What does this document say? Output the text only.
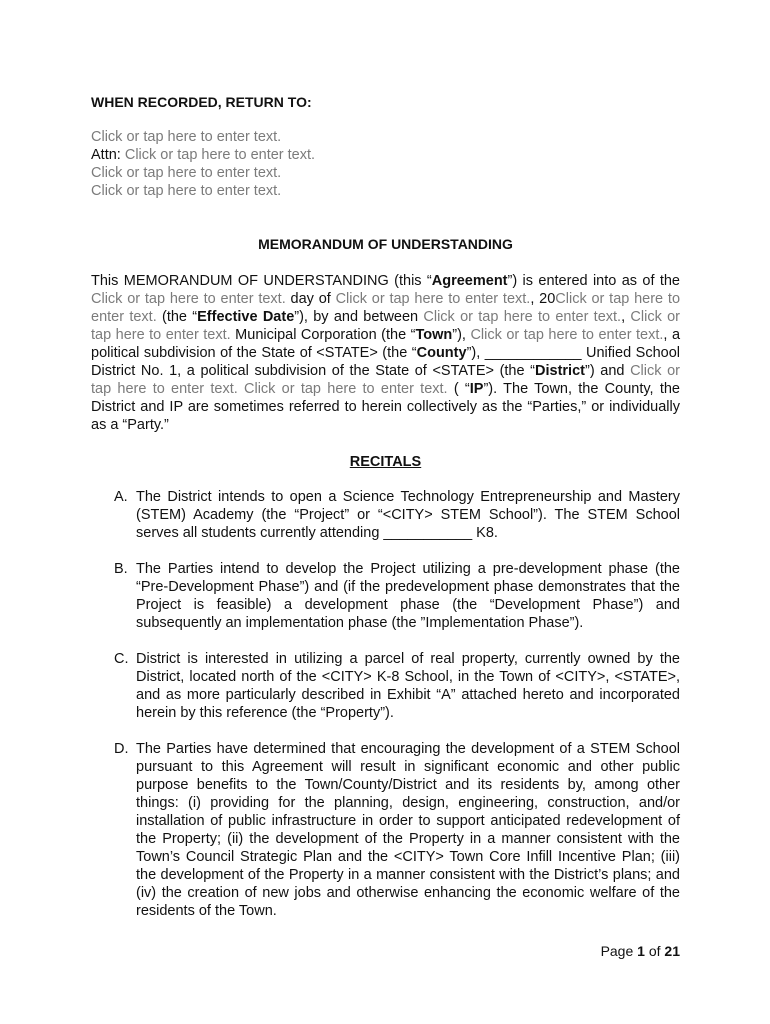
WHEN RECORDED, RETURN TO:

Click or tap here to enter text.
Attn: Click or tap here to enter text.
Click or tap here to enter text.
Click or tap here to enter text.
MEMORANDUM OF UNDERSTANDING
This MEMORANDUM OF UNDERSTANDING (this “Agreement”) is entered into as of the Click or tap here to enter text. day of Click or tap here to enter text., 20Click or tap here to enter text. (the “Effective Date”), by and between Click or tap here to enter text., Click or tap here to enter text. Municipal Corporation (the “Town”), Click or tap here to enter text., a political subdivision of the State of <STATE> (the “County”), ____________ Unified School District No. 1, a political subdivision of the State of <STATE> (the “District”) and Click or tap here to enter text. Click or tap here to enter text. ( “IP”). The Town, the County, the District and IP are sometimes referred to herein collectively as the “Parties,” or individually as a “Party.”
RECITALS
A. The District intends to open a Science Technology Entrepreneurship and Mastery (STEM) Academy (the “Project” or “<CITY> STEM School”). The STEM School serves all students currently attending ___________ K8.
B. The Parties intend to develop the Project utilizing a pre-development phase (the “Pre-Development Phase”) and (if the predevelopment phase demonstrates that the Project is feasible) a development phase (the “Development Phase”) and subsequently an implementation phase (the ”Implementation Phase”).
C. District is interested in utilizing a parcel of real property, currently owned by the District, located north of the <CITY> K-8 School, in the Town of <CITY>, <STATE>, and as more particularly described in Exhibit “A” attached hereto and incorporated herein by this reference (the “Property”).
D. The Parties have determined that encouraging the development of a STEM School pursuant to this Agreement will result in significant economic and other public purpose benefits to the Town/County/District and its residents by, among other things: (i) providing for the planning, design, engineering, construction, and/or installation of public infrastructure in order to support anticipated redevelopment of the Property; (ii) the development of the Property in a manner consistent with the Town’s Council Strategic Plan and the <CITY> Town Core Infill Incentive Plan; (iii) the development of the Property in a manner consistent with the District’s plans; and (iv) the creation of new jobs and otherwise enhancing the economic welfare of the residents of the Town.
Page 1 of 21
